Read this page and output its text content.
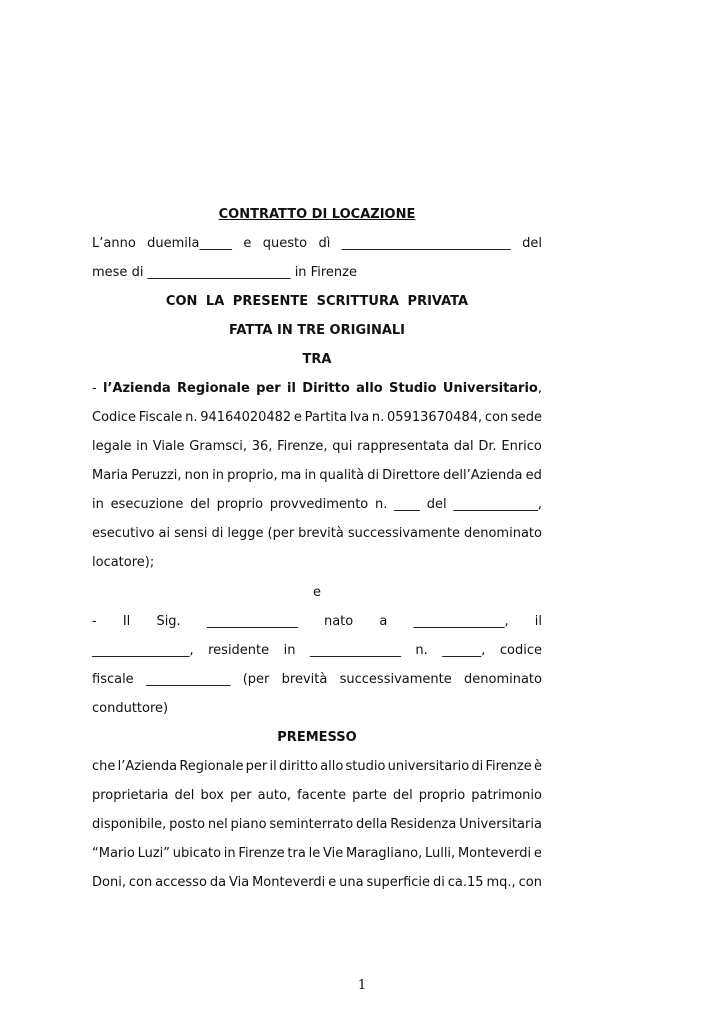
CONTRATTO DI LOCAZIONE
L’anno duemila_____ e questo dì __________________________ del
mese di ______________________ in Firenze
CON LA PRESENTE SCRITTURA PRIVATA
FATTA IN TRE ORIGINALI
TRA
- l’Azienda Regionale per il Diritto allo Studio Universitario,
Codice Fiscale n. 94164020482 e Partita Iva n. 05913670484, con sede
legale in Viale Gramsci, 36, Firenze, qui rappresentata dal Dr. Enrico
Maria Peruzzi, non in proprio, ma in qualità di Direttore dell’Azienda ed
in esecuzione del proprio provvedimento n. ____ del _____________,
esecutivo ai sensi di legge (per brevità successivamente denominato
locatore);
e
- Il Sig. ______________ nato a ______________, il
_______________, residente in ______________ n. ______, codice
fiscale _____________ (per brevità successivamente denominato
conduttore)
PREMESSO
che l’Azienda Regionale per il diritto allo studio universitario di Firenze è
proprietaria del box per auto, facente parte del proprio patrimonio
disponibile, posto nel piano seminterrato della Residenza Universitaria
“Mario Luzi” ubicato in Firenze tra le Vie Maragliano, Lulli, Monteverdi e
Doni, con accesso da Via Monteverdi e una superficie di ca.15 mq., con
1
